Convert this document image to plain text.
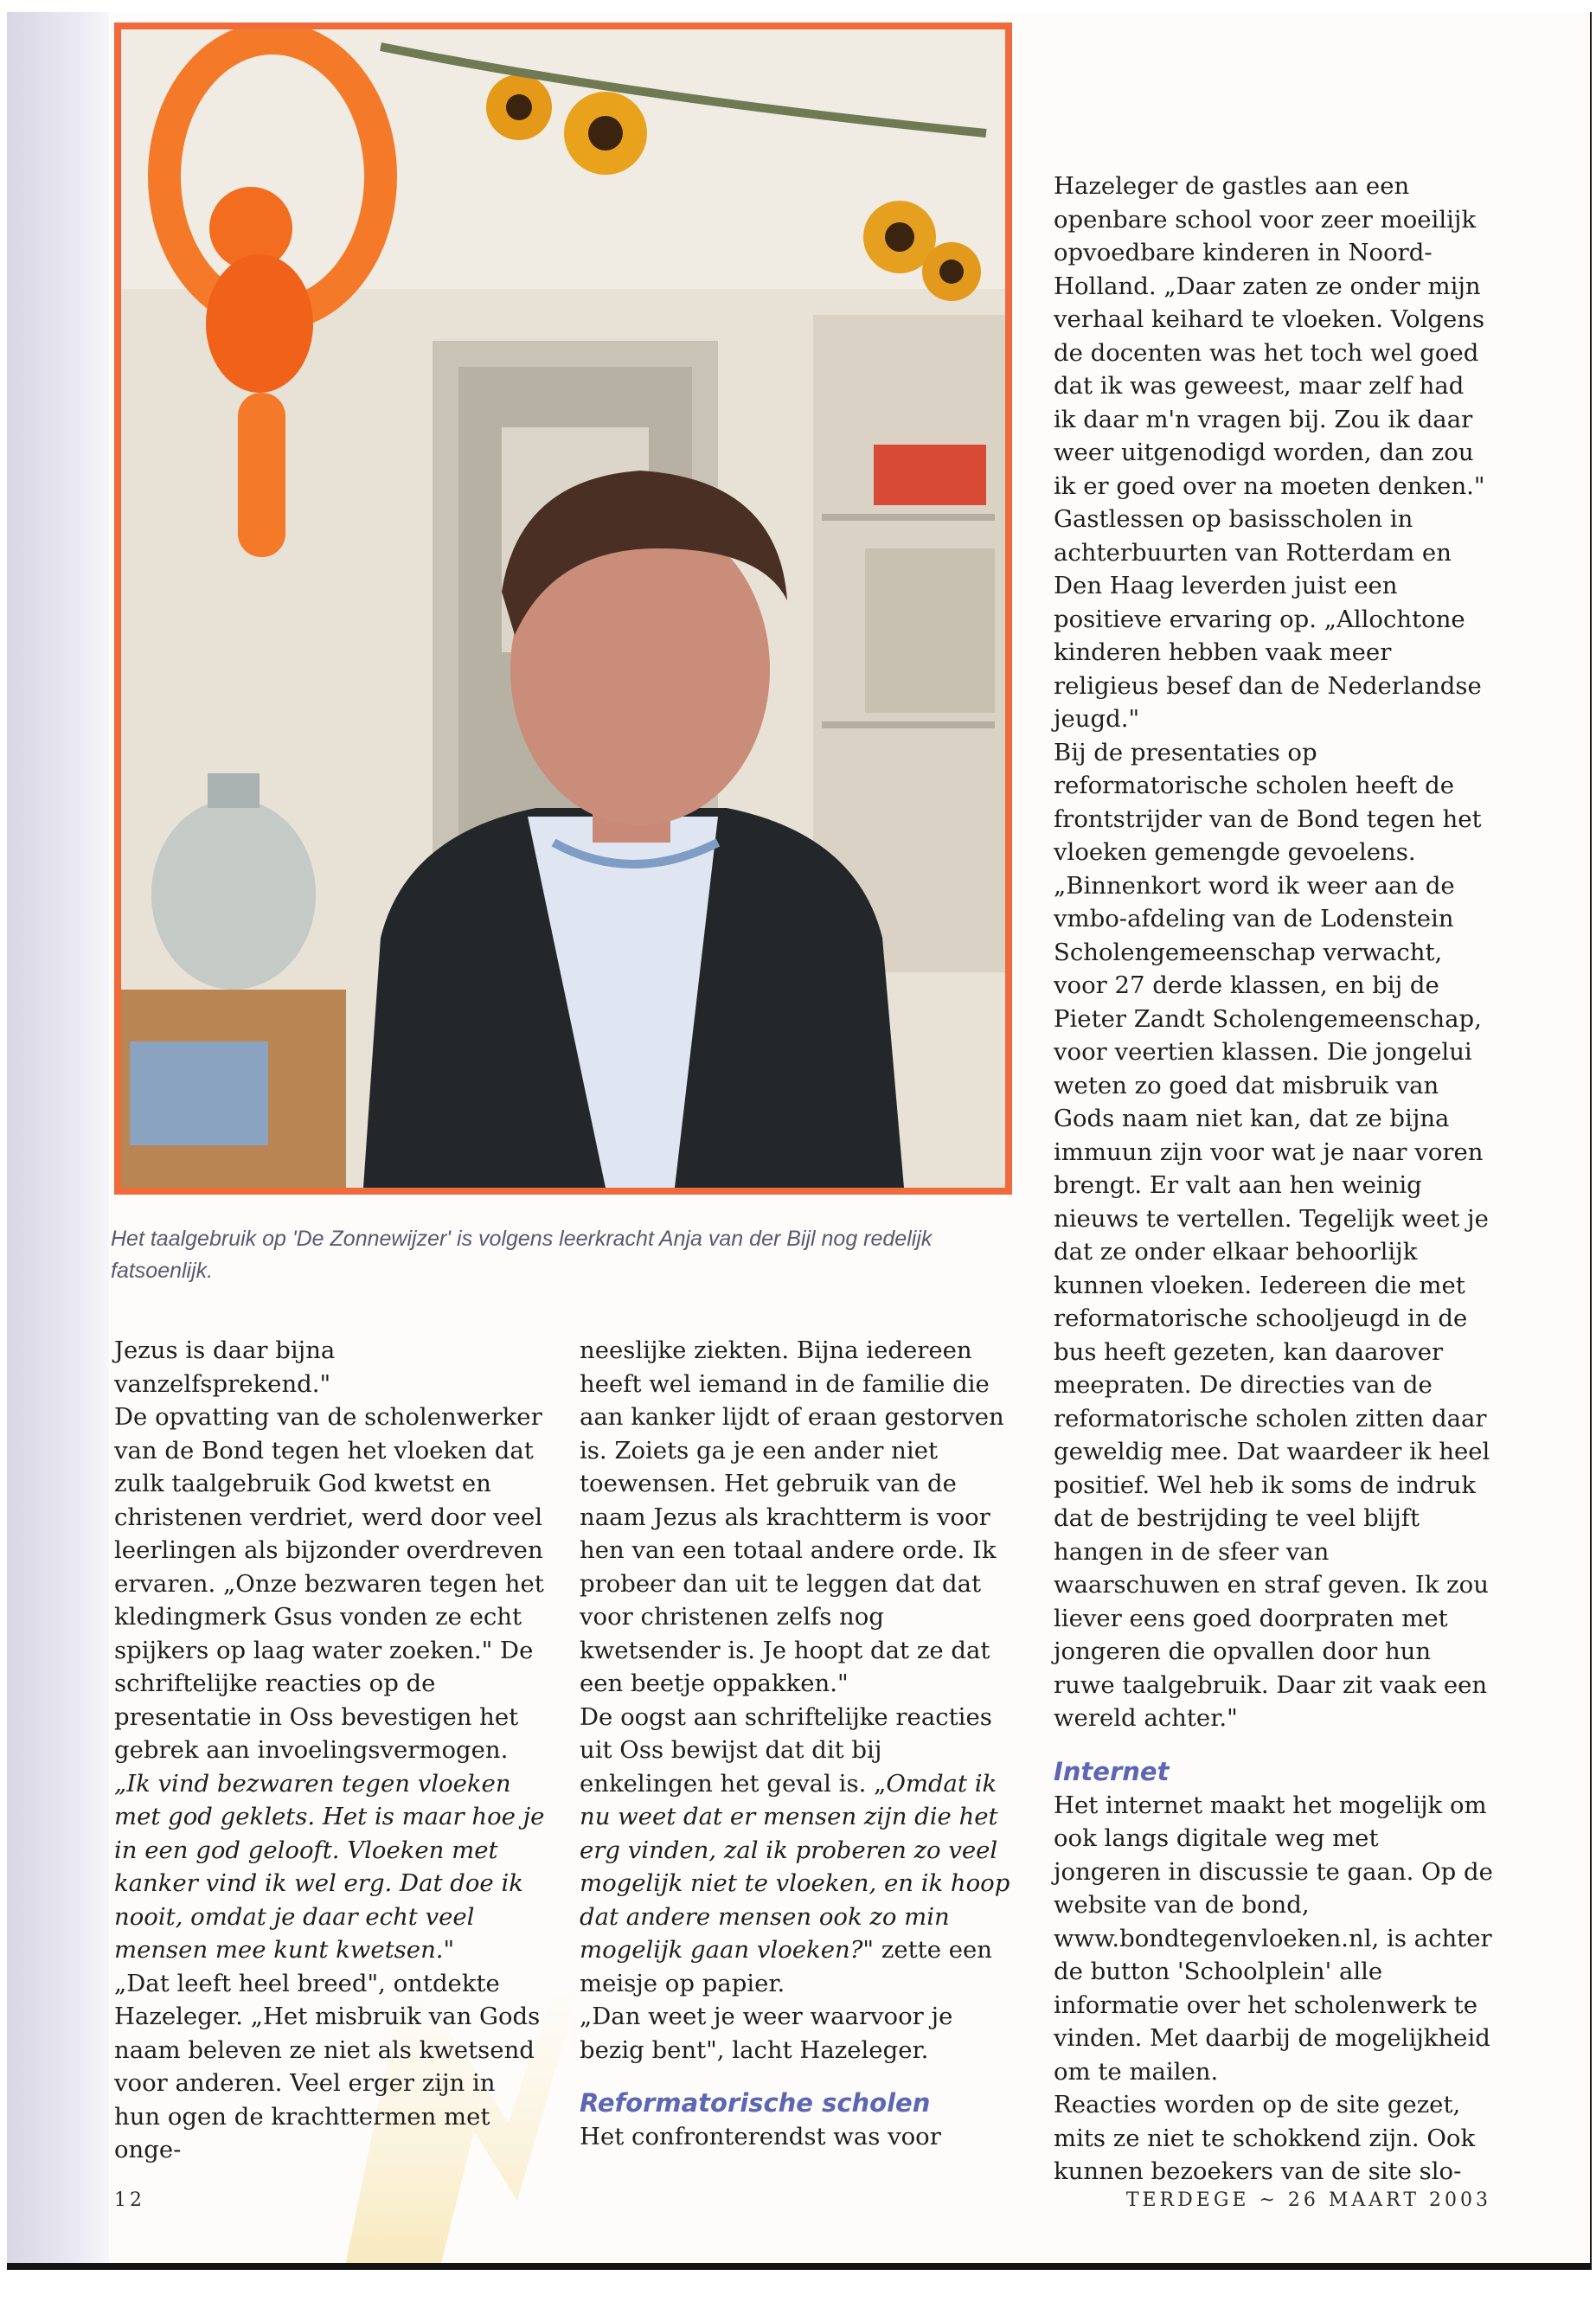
Het taalgebruik op 'De Zonnewijzer' is volgens leerkracht Anja van der Bijl nog redelijk fatsoenlijk.

Jezus is daar bijna vanzelfsprekend."

De opvatting van de scholenwerker van de Bond tegen het vloeken dat zulk taalgebruik God kwetst en christenen verdriet, werd door veel leerlingen als bijzonder overdreven ervaren. „Onze bezwaren tegen het kledingmerk Gsus vonden ze echt spijkers op laag water zoeken." De schriftelijke reacties op de presentatie in Oss bevestigen het gebrek aan invoelingsvermogen.

„Ik vind bezwaren tegen vloeken met god geklets. Het is maar hoe je in een god gelooft. Vloeken met kanker vind ik wel erg. Dat doe ik nooit, omdat je daar echt veel mensen mee kunt kwetsen."

„Dat leeft heel breed", ontdekte Hazeleger. „Het misbruik van Gods naam beleven ze niet als kwetsend voor anderen. Veel erger zijn in hun ogen de krachttermen met onge-

neeslijke ziekten. Bijna iedereen heeft wel iemand in de familie die aan kanker lijdt of eraan gestorven is. Zoiets ga je een ander niet toewensen. Het gebruik van de naam Jezus als krachtterm is voor hen van een totaal andere orde. Ik probeer dan uit te leggen dat dat voor christenen zelfs nog kwetsender is. Je hoopt dat ze dat een beetje oppakken."

De oogst aan schriftelijke reacties uit Oss bewijst dat dit bij enkelingen het geval is. „Omdat ik nu weet dat er mensen zijn die het erg vinden, zal ik proberen zo veel mogelijk niet te vloeken, en ik hoop dat andere mensen ook zo min mogelijk gaan vloeken?" zette een meisje op papier.

„Dan weet je weer waarvoor je bezig bent", lacht Hazeleger.

Reformatorische scholen

Het confronterendst was voor

Hazeleger de gastles aan een openbare school voor zeer moeilijk opvoedbare kinderen in Noord-Holland. „Daar zaten ze onder mijn verhaal keihard te vloeken. Volgens de docenten was het toch wel goed dat ik was geweest, maar zelf had ik daar m'n vragen bij. Zou ik daar weer uitgenodigd worden, dan zou ik er goed over na moeten denken." Gastlessen op basisscholen in achterbuurten van Rotterdam en Den Haag leverden juist een positieve ervaring op. „Allochtone kinderen hebben vaak meer religieus besef dan de Nederlandse jeugd."

Bij de presentaties op reformatorische scholen heeft de frontstrijder van de Bond tegen het vloeken gemengde gevoelens. „Binnenkort word ik weer aan de vmbo-afdeling van de Lodenstein Scholengemeenschap verwacht, voor 27 derde klassen, en bij de Pieter Zandt Scholengemeenschap, voor veertien klassen. Die jongelui weten zo goed dat misbruik van Gods naam niet kan, dat ze bijna immuun zijn voor wat je naar voren brengt. Er valt aan hen weinig nieuws te vertellen. Tegelijk weet je dat ze onder elkaar behoorlijk kunnen vloeken. Iedereen die met reformatorische schooljeugd in de bus heeft gezeten, kan daarover meepraten. De directies van de reformatorische scholen zitten daar geweldig mee. Dat waardeer ik heel positief. Wel heb ik soms de indruk dat de bestrijding te veel blijft hangen in de sfeer van waarschuwen en straf geven. Ik zou liever eens goed doorpraten met jongeren die opvallen door hun ruwe taalgebruik. Daar zit vaak een wereld achter."

Internet

Het internet maakt het mogelijk om ook langs digitale weg met jongeren in discussie te gaan. Op de website van de bond, www.bondtegenvloeken.nl, is achter de button 'Schoolplein' alle informatie over het scholenwerk te vinden. Met daarbij de mogelijkheid om te mailen.

Reacties worden op de site gezet, mits ze niet te schokkend zijn. Ook kunnen bezoekers van de site slo-

12	TERDEGE ~ 26 MAART 2003
